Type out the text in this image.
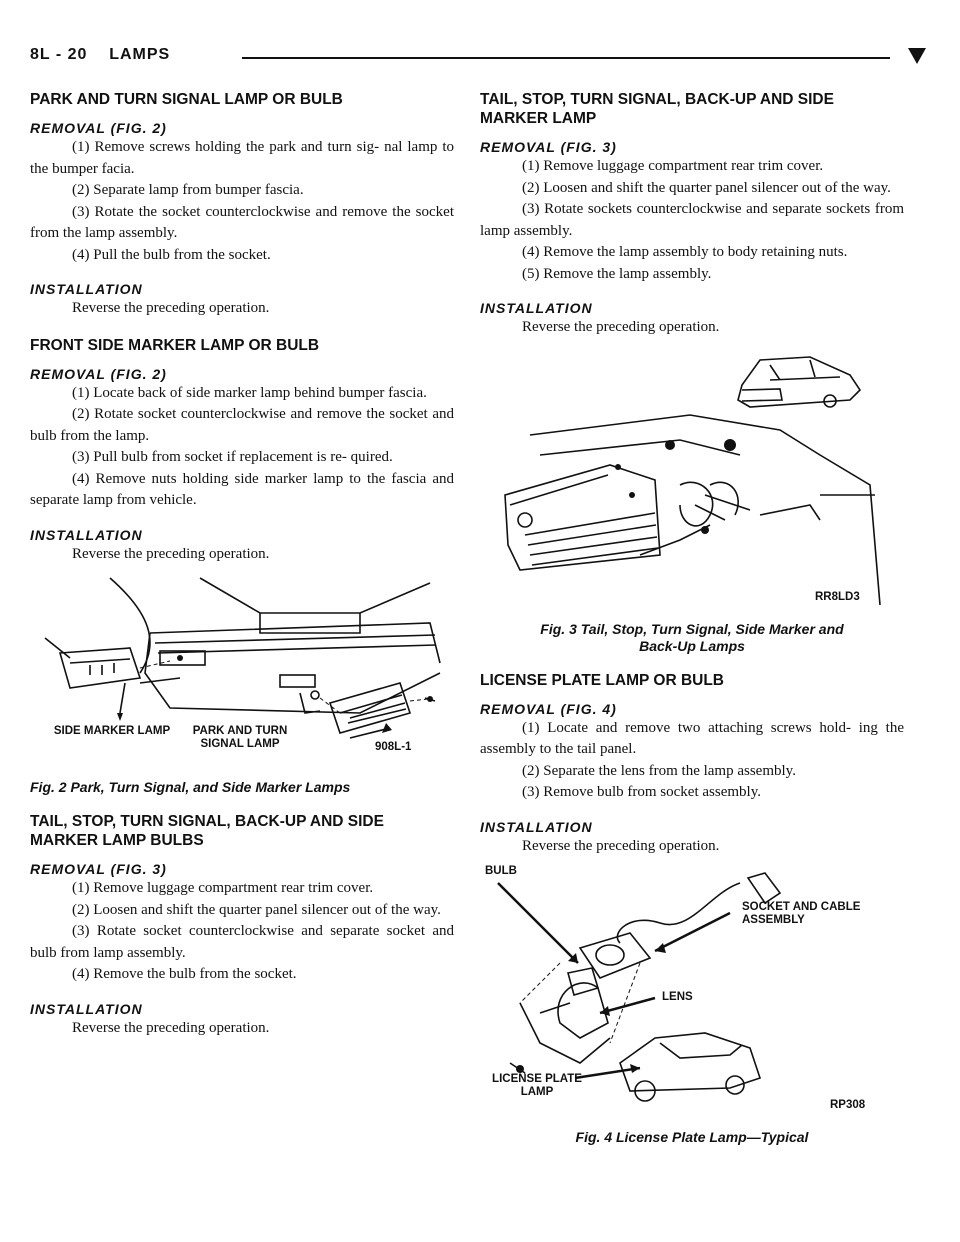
8L - 20 LAMPS
PARK AND TURN SIGNAL LAMP OR BULB
REMOVAL (FIG. 2)

(1) Remove screws holding the park and turn sig- nal lamp to the bumper facia.

(2) Separate lamp from bumper fascia.

(3) Rotate the socket counterclockwise and remove the socket from the lamp assembly.

(4) Pull the bulb from the socket.

INSTALLATION

Reverse the preceding operation.

FRONT SIDE MARKER LAMP OR BULB
REMOVAL (FIG. 2)

(1) Locate back of side marker lamp behind bumper fascia.

(2) Rotate socket counterclockwise and remove the socket and bulb from the lamp.

(3) Pull bulb from socket if replacement is re- quired.

(4) Remove nuts holding side marker lamp to the fascia and separate lamp from vehicle.

INSTALLATION

Reverse the preceding operation.

SIDE MARKER LAMP	PARK AND TURN SIGNAL LAMP	908L-1
Fig. 2 Park, Turn Signal, and Side Marker Lamps
TAIL, STOP, TURN SIGNAL, BACK-UP AND SIDE MARKER LAMP BULBS
REMOVAL (FIG. 3)

(1) Remove luggage compartment rear trim cover.

(2) Loosen and shift the quarter panel silencer out of the way.

(3) Rotate socket counterclockwise and separate socket and bulb from lamp assembly.

(4) Remove the bulb from the socket.

INSTALLATION

Reverse the preceding operation.

TAIL, STOP, TURN SIGNAL, BACK-UP AND SIDE MARKER LAMP
REMOVAL (FIG. 3)

(1) Remove luggage compartment rear trim cover.

(2) Loosen and shift the quarter panel silencer out of the way.

(3) Rotate sockets counterclockwise and separate sockets from lamp assembly.

(4) Remove the lamp assembly to body retaining nuts.

(5) Remove the lamp assembly.

INSTALLATION

Reverse the preceding operation.

RR8LD3
Fig. 3 Tail, Stop, Turn Signal, Side Marker and
Back-Up Lamps
LICENSE PLATE LAMP OR BULB
REMOVAL (FIG. 4)

(1) Locate and remove two attaching screws hold- ing the assembly to the tail panel.

(2) Separate the lens from the lamp assembly.

(3) Remove bulb from socket assembly.

INSTALLATION

Reverse the preceding operation.

BULB
SOCKET AND CABLE ASSEMBLY
LENS
LICENSE PLATE LAMP
RP308
Fig. 4 License Plate Lamp—Typical
